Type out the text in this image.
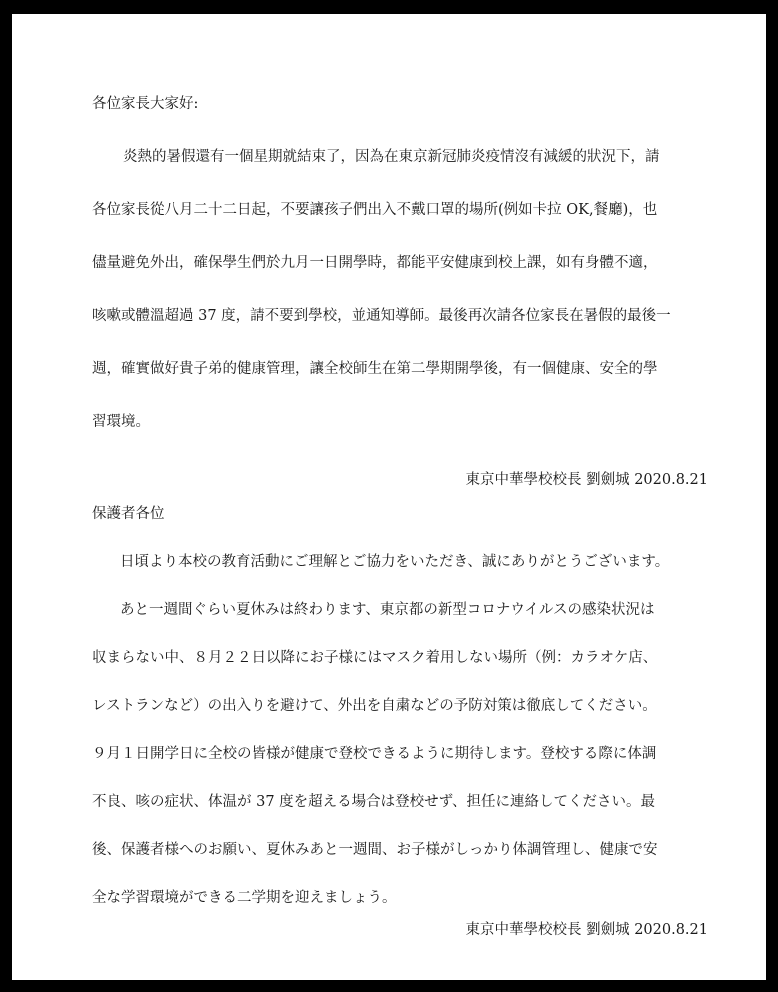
各位家長大家好:
炎熱的暑假還有一個星期就結束了，因為在東京新冠肺炎疫情沒有減緩的狀況下，請
各位家長從八月二十二日起，不要讓孩子們出入不戴口罩的場所(例如卡拉 OK,餐廳)，也
儘量避免外出，確保學生們於九月一日開學時，都能平安健康到校上課，如有身體不適，
咳嗽或體溫超過 37 度，請不要到學校，並通知導師。最後再次請各位家長在暑假的最後一
週，確實做好貴子弟的健康管理，讓全校師生在第二學期開學後，有一個健康、安全的學
習環境。
東京中華學校校長 劉劍城 2020.8.21
保護者各位
日頃より本校の教育活動にご理解とご協力をいただき、誠にありがとうございます。
あと一週間ぐらい夏休みは終わります、東京都の新型コロナウイルスの感染状況は
収まらない中、８月２２日以降にお子様にはマスク着用しない場所（例：カラオケ店、
レストランなど）の出入りを避けて、外出を自粛などの予防対策は徹底してください。
９月１日開学日に全校の皆様が健康で登校できるように期待します。登校する際に体調
不良、咳の症状、体温が 37 度を超える場合は登校せず、担任に連絡してください。最
後、保護者様へのお願い、夏休みあと一週間、お子様がしっかり体調管理し、健康で安
全な学習環境ができる二学期を迎えましょう。
東京中華學校校長 劉劍城 2020.8.21
